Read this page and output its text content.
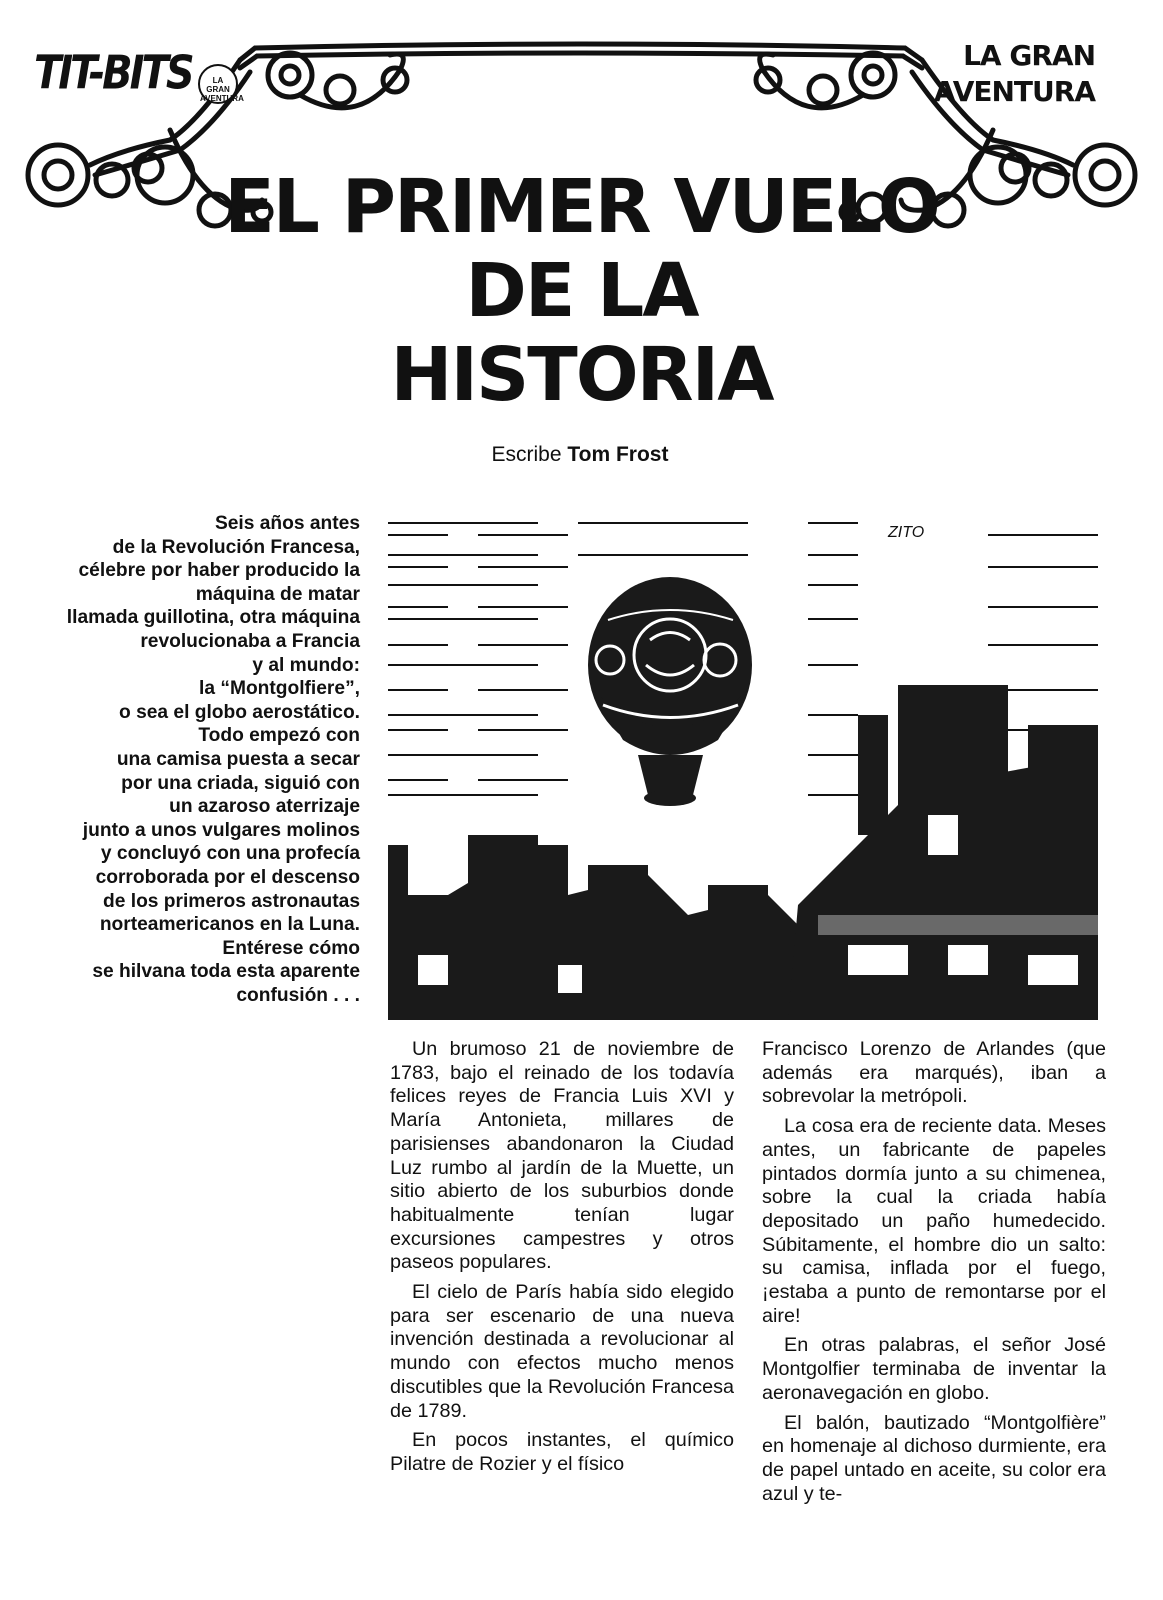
TIT-BITS	LA GRAN AVENTURA
LA GRAN
AVENTURA
EL PRIMER VUELO
DE LA
HISTORIA
Escribe Tom Frost
Seis años antes
de la Revolución Francesa,
célebre por haber producido la
máquina de matar
llamada guillotina, otra máquina
revolucionaba a Francia
y al mundo:
la “Montgolfiere”,
o sea el globo aerostático.
Todo empezó con
una camisa puesta a secar
por una criada, siguió con
un azaroso aterrizaje
junto a unos vulgares molinos
y concluyó con una profecía
corroborada por el descenso
de los primeros astronautas
norteamericanos en la Luna.
Entérese cómo
se hilvana toda esta aparente
confusión . . .
ZITO

Un brumoso 21 de noviembre de 1783, bajo el reinado de los todavía felices reyes de Francia Luis XVI y María Antonieta, millares de parisienses abandonaron la Ciudad Luz rumbo al jardín de la Muette, un sitio abierto de los suburbios donde habitualmente tenían lugar excursiones campestres y otros paseos populares.

El cielo de París había sido elegido para ser escenario de una nueva invención destinada a revolucionar al mundo con efectos mucho menos discutibles que la Revolución Francesa de 1789.

En pocos instantes, el químico Pilatre de Rozier y el físico

Francisco Lorenzo de Arlandes (que además era marqués), iban a sobrevolar la metrópoli.

La cosa era de reciente data. Meses antes, un fabricante de papeles pintados dormía junto a su chimenea, sobre la cual la criada había depositado un paño humedecido. Súbitamente, el hombre dio un salto: su camisa, inflada por el fuego, ¡estaba a punto de remontarse por el aire!

En otras palabras, el señor José Montgolfier terminaba de inventar la aeronavegación en globo.

El balón, bautizado “Montgolfière” en homenaje al dichoso durmiente, era de papel untado en aceite, su color era azul y te-
